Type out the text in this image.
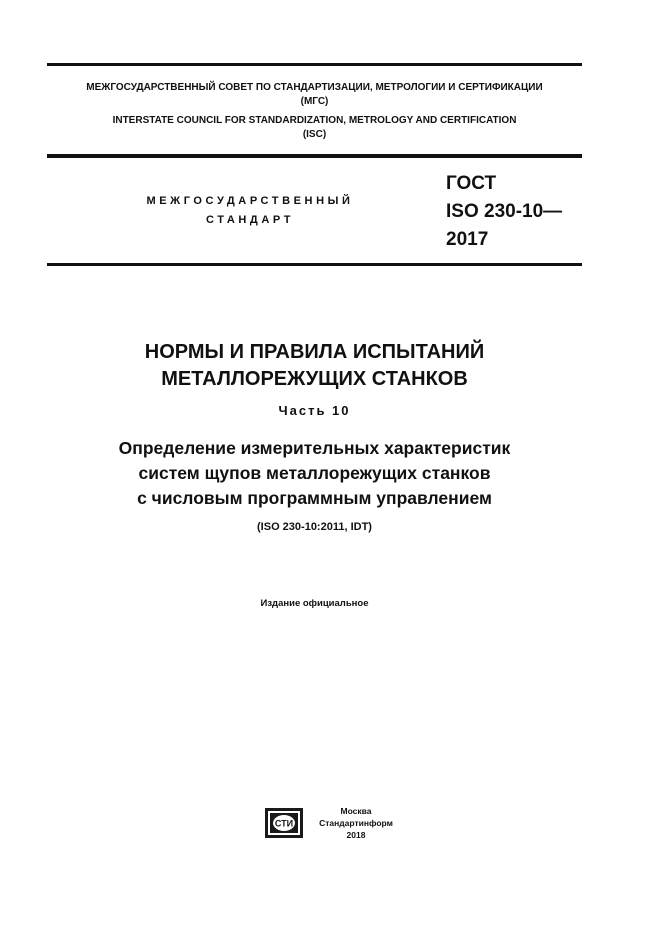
МЕЖГОСУДАРСТВЕННЫЙ СОВЕТ ПО СТАНДАРТИЗАЦИИ, МЕТРОЛОГИИ И СЕРТИФИКАЦИИ
(МГС)
INTERSTATE COUNCIL FOR STANDARDIZATION, METROLOGY AND CERTIFICATION
(ISC)
МЕЖГОСУДАРСТВЕННЫЙ
СТАНДАРТ
ГОСТ
ISO 230-10—
2017
НОРМЫ И ПРАВИЛА ИСПЫТАНИЙ
МЕТАЛЛОРЕЖУЩИХ СТАНКОВ
Часть 10
Определение измерительных характеристик
систем щупов металлорежущих станков
с числовым программным управлением
(ISO 230-10:2011, IDT)
Издание официальное
СТИ
Москва
Стандартинформ
2018
